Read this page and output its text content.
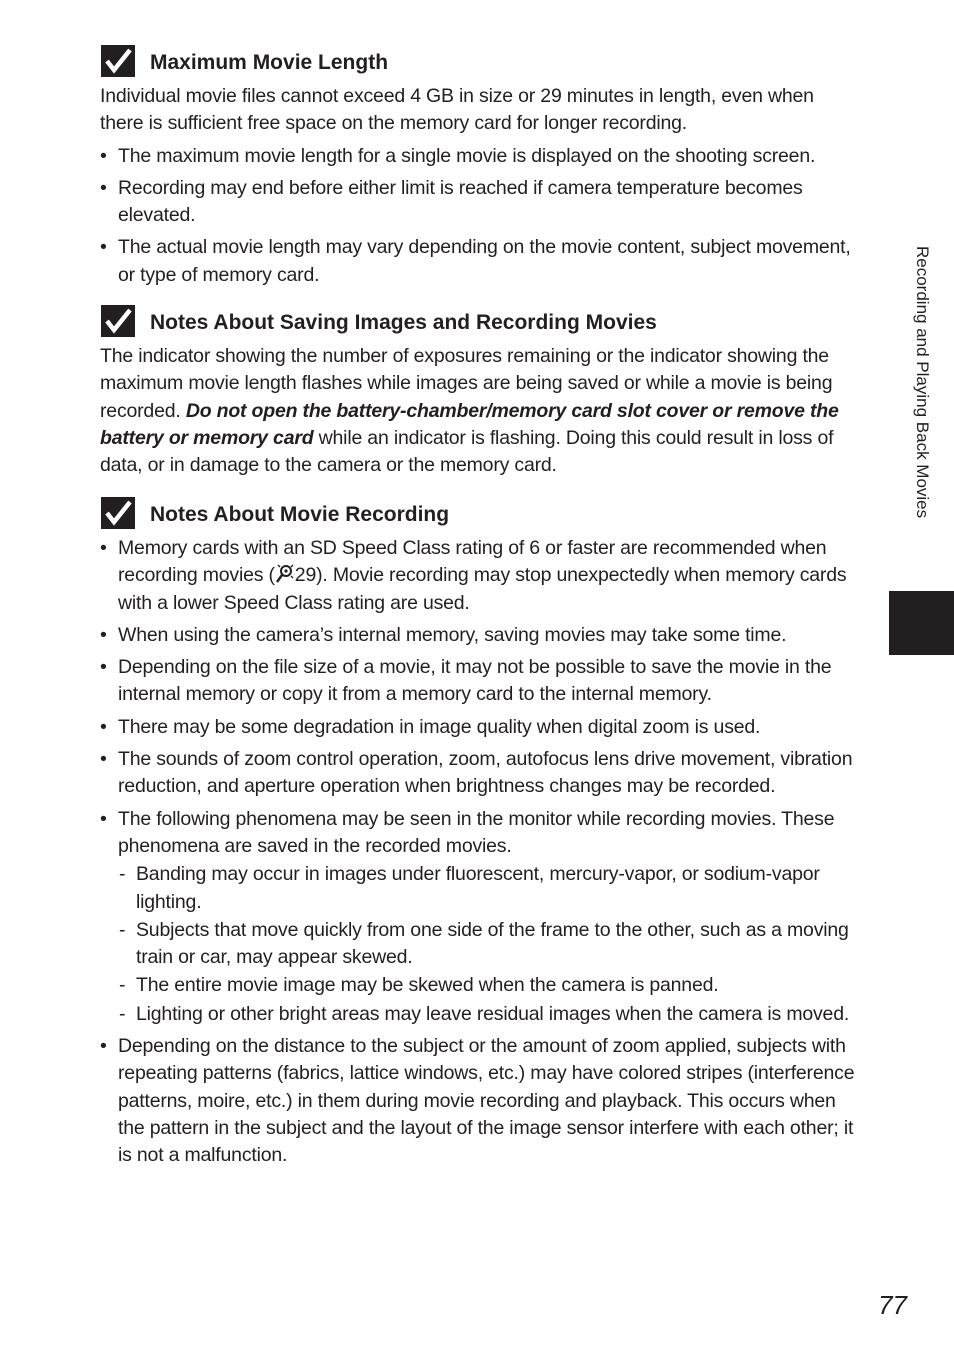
Maximum Movie Length

Individual movie files cannot exceed 4 GB in size or 29 minutes in length, even when there is sufficient free space on the memory card for longer recording.

• The maximum movie length for a single movie is displayed on the shooting screen.
• Recording may end before either limit is reached if camera temperature becomes elevated.
• The actual movie length may vary depending on the movie content, subject movement, or type of memory card.
Notes About Saving Images and Recording Movies

The indicator showing the number of exposures remaining or the indicator showing the maximum movie length flashes while images are being saved or while a movie is being recorded. Do not open the battery-chamber/memory card slot cover or remove the battery or memory card while an indicator is flashing. Doing this could result in loss of data, or in damage to the camera or the memory card.

Notes About Movie Recording
• Memory cards with an SD Speed Class rating of 6 or faster are recommended when recording movies ( 29). Movie recording may stop unexpectedly when memory cards with a lower Speed Class rating are used.
• When using the camera’s internal memory, saving movies may take some time.
• Depending on the file size of a movie, it may not be possible to save the movie in the internal memory or copy it from a memory card to the internal memory.
• There may be some degradation in image quality when digital zoom is used.
• The sounds of zoom control operation, zoom, autofocus lens drive movement, vibration reduction, and aperture operation when brightness changes may be recorded.
• The following phenomena may be seen in the monitor while recording movies. These phenomena are saved in the recorded movies.
- Banding may occur in images under fluorescent, mercury-vapor, or sodium-vapor lighting.
- Subjects that move quickly from one side of the frame to the other, such as a moving train or car, may appear skewed.
- The entire movie image may be skewed when the camera is panned.
- Lighting or other bright areas may leave residual images when the camera is moved.
• Depending on the distance to the subject or the amount of zoom applied, subjects with repeating patterns (fabrics, lattice windows, etc.) may have colored stripes (interference patterns, moire, etc.) in them during movie recording and playback. This occurs when the pattern in the subject and the layout of the image sensor interfere with each other; it is not a malfunction.
Recording and Playing Back Movies
77
